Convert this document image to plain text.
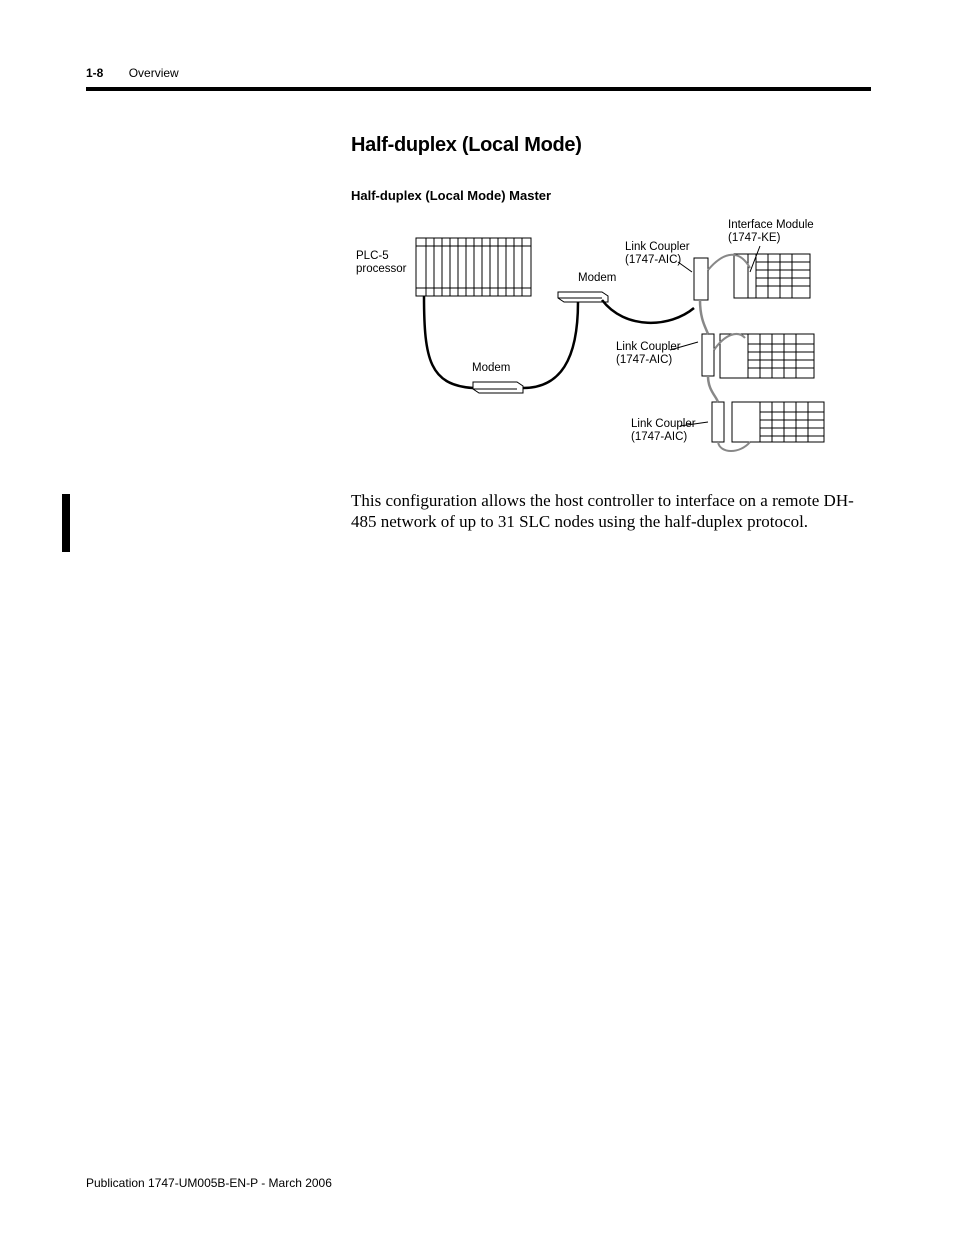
1-8 Overview
Half-duplex (Local Mode)
Half-duplex (Local Mode) Master
PLC-5
processor
Modem
Modem
Link Coupler
(1747-AIC)
Link Coupler
(1747-AIC)
Link Coupler
(1747-AIC)
Interface Module
(1747-KE)
This configuration allows the host controller to interface on a remote DH-485 network of up to 31 SLC nodes using the half-duplex protocol.
Publication 1747-UM005B-EN-P - March 2006
